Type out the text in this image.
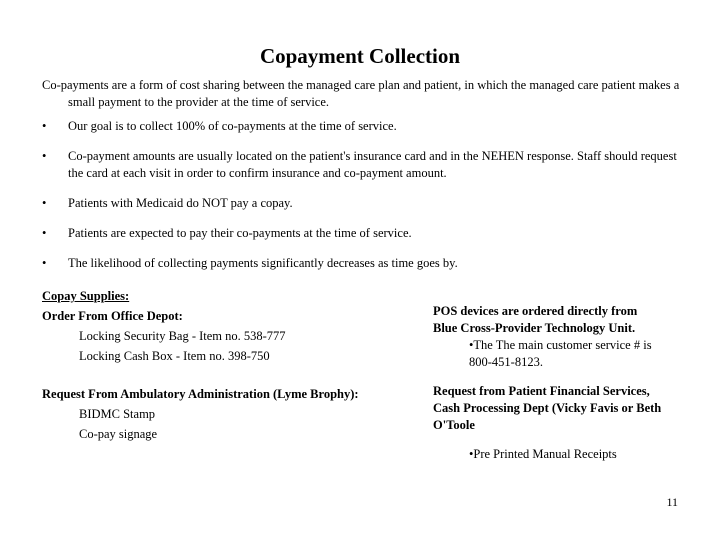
Copayment Collection
Co-payments are a form of cost sharing between the managed care plan and patient, in which the managed care patient makes a small payment to the provider at the time of service.
• Our goal is to collect 100% of co-payments at the time of service.
• Co-payment amounts are usually located on the patient's insurance card and in the NEHEN response. Staff should request the card at each visit in order to confirm insurance and co-payment amount.
• Patients with Medicaid do NOT pay a copay.
• Patients are expected to pay their co-payments at the time of service.
• The likelihood of collecting payments significantly decreases as time goes by.
Copay Supplies:
Order From Office Depot:
Locking Security Bag - Item no. 538-777
Locking Cash Box - Item no. 398-750
Request From Ambulatory Administration (Lyme Brophy):
BIDMC Stamp
Co-pay signage
POS devices are ordered directly from
Blue Cross-Provider Technology Unit.
•The The main customer service # is
800-451-8123.
Request from Patient Financial Services,
Cash Processing Dept (Vicky Favis or Beth
O'Toole
•Pre Printed Manual Receipts
11
